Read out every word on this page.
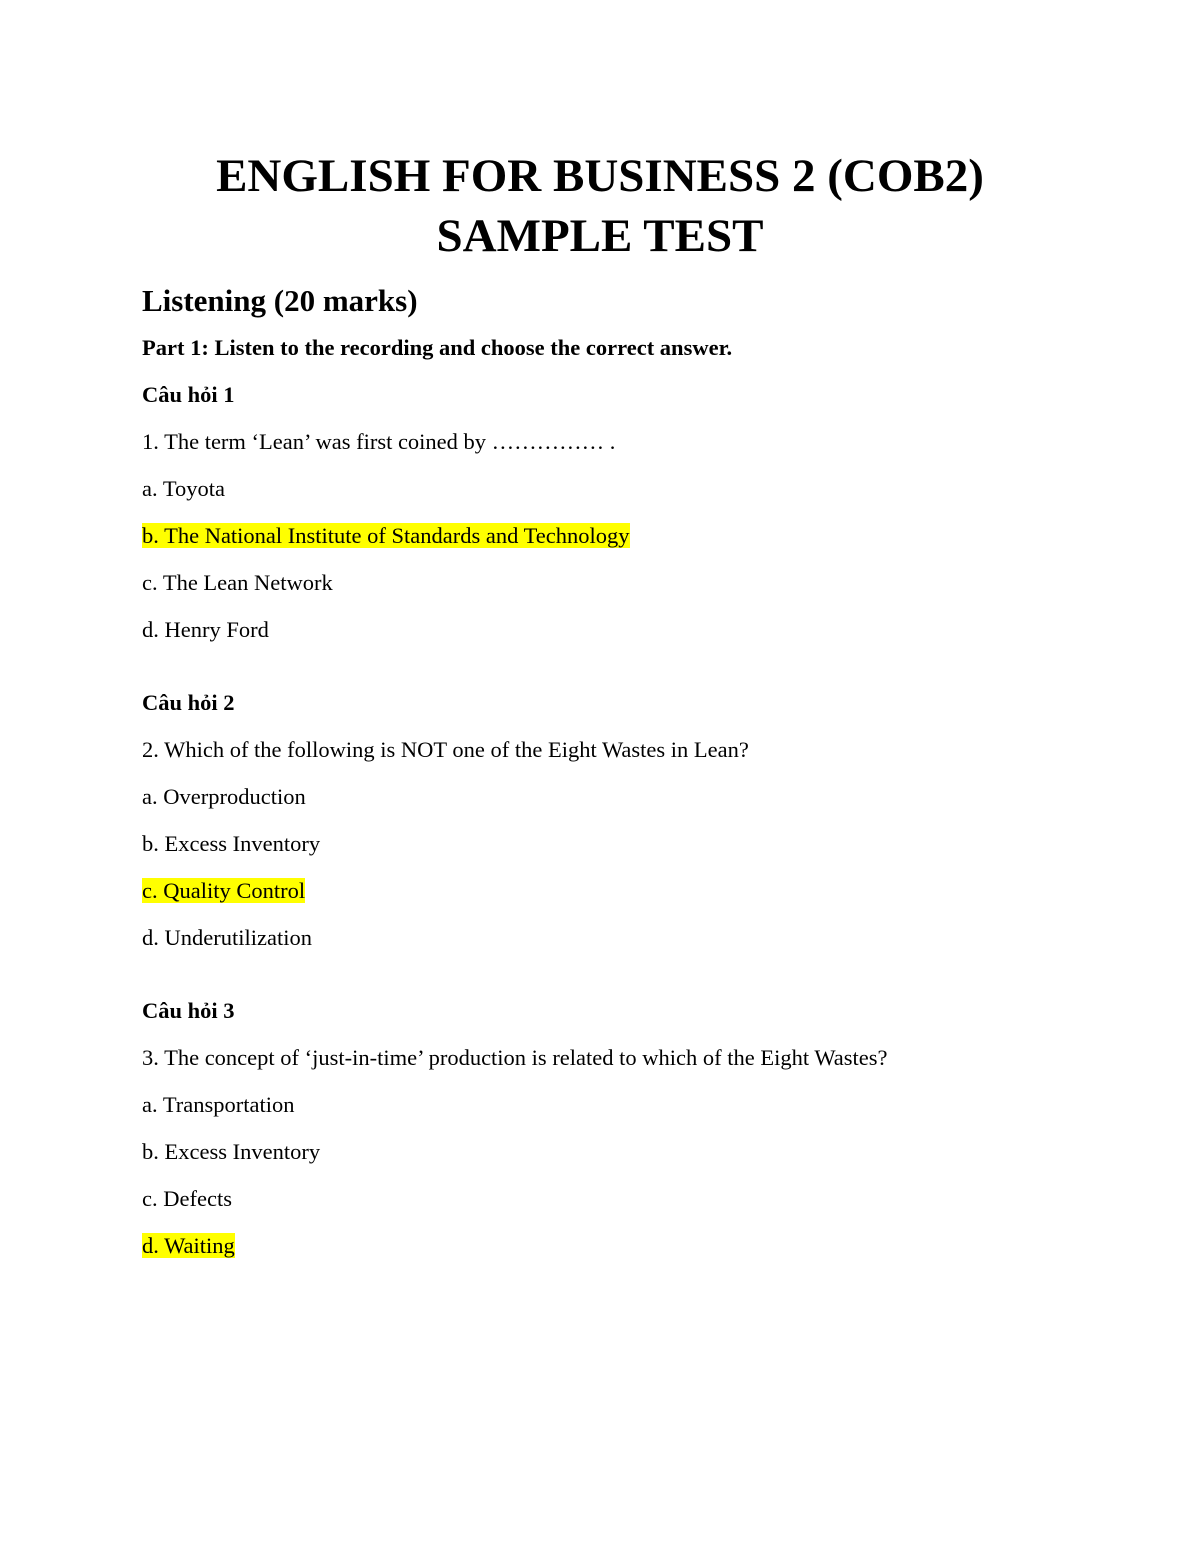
ENGLISH FOR BUSINESS 2 (COB2)
SAMPLE TEST
Listening (20 marks)
Part 1: Listen to the recording and choose the correct answer.
Câu hỏi 1
1. The term ‘Lean’ was first coined by …………… .
a. Toyota
b. The National Institute of Standards and Technology
c. The Lean Network
d. Henry Ford
Câu hỏi 2
2. Which of the following is NOT one of the Eight Wastes in Lean?
a. Overproduction
b. Excess Inventory
c. Quality Control
d. Underutilization
Câu hỏi 3
3. The concept of ‘just-in-time’ production is related to which of the Eight Wastes?
a. Transportation
b. Excess Inventory
c. Defects
d. Waiting
